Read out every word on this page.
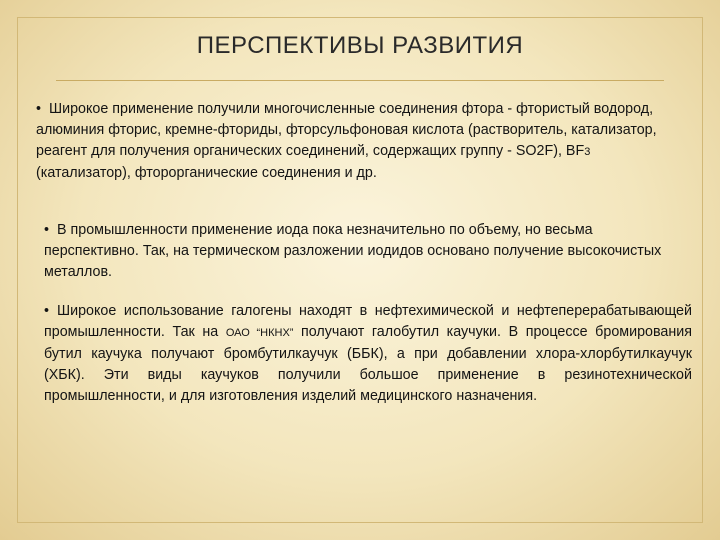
ПЕРСПЕКТИВЫ РАЗВИТИЯ
• Широкое применение получили многочисленные соединения фтора - фтористый водород, алюминия фторис, кремне-фториды, фторсульфоновая кислота (растворитель, катализатор, реагент для получения органических соединений, содержащих группу - SO2F), BF3 (катализатор), фторорганические соединения и др.
• В промышленности применение иода пока незначительно по объему, но весьма перспективно. Так, на термическом разложении иодидов основано получение высокочистых металлов.
• Широкое использование галогены находят в нефтехимической и нефтеперерабатывающей промышленности. Так на ОАО “НКНХ” получают галобутил каучуки. В процессе бромирования бутил каучука получают бромбутилкаучук (ББК), а при добавлении хлора-хлорбутилкаучук (ХБК). Эти виды каучуков получили большое применение в резинотехнической промышленности, и для изготовления изделий медицинского назначения.
